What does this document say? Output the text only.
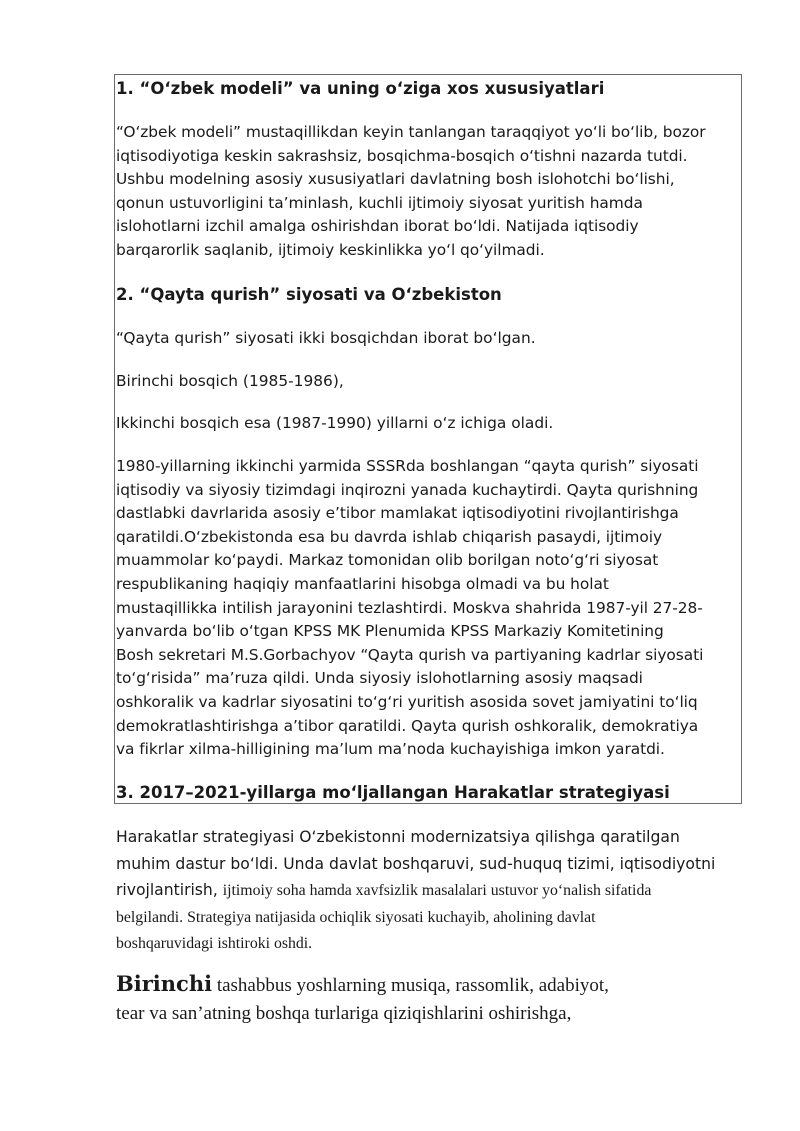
1. “O‘zbek modeli” va uning o‘ziga xos xususiyatlari

“O‘zbek modeli” mustaqillikdan keyin tanlangan taraqqiyot yo‘li bo‘lib, bozor
iqtisodiyotiga keskin sakrashsiz, bosqichma-bosqich o‘tishni nazarda tutdi.
Ushbu modelning asosiy xususiyatlari davlatning bosh islohotchi bo‘lishi,
qonun ustuvorligini ta’minlash, kuchli ijtimoiy siyosat yuritish hamda
islohotlarni izchil amalga oshirishdan iborat bo‘ldi. Natijada iqtisodiy
barqarorlik saqlanib, ijtimoiy keskinlikka yo‘l qo‘yilmadi.

2. “Qayta qurish” siyosati va O‘zbekiston

“Qayta qurish” siyosati ikki bosqichdan iborat bo‘lgan.

Birinchi bosqich (1985-1986),

Ikkinchi bosqich esa (1987-1990) yillarni o‘z ichiga oladi.

1980-yillarning ikkinchi yarmida SSSRda boshlangan “qayta qurish” siyosati
iqtisodiy va siyosiy tizimdagi inqirozni yanada kuchaytirdi. Qayta qurishning
dastlabki davrlarida asosiy e’tibor mamlakat iqtisodiyotini rivojlantirishga
qaratildi.O‘zbekistonda esa bu davrda ishlab chiqarish pasaydi, ijtimoiy
muammolar ko‘paydi. Markaz tomonidan olib borilgan noto‘g‘ri siyosat
respublikaning haqiqiy manfaatlarini hisobga olmadi va bu holat
mustaqillikka intilish jarayonini tezlashtirdi. Moskva shahrida 1987-yil 27-28-
yanvarda bo‘lib o‘tgan KPSS MK Plenumida KPSS Markaziy Komitetining
Bosh sekretari M.S.Gorbachyov “Qayta qurish va partiyaning kadrlar siyosati
to‘g‘risida” ma’ruza qildi. Unda siyosiy islohotlarning asosiy maqsadi
oshkoralik va kadrlar siyosatini to‘g‘ri yuritish asosida sovet jamiyatini to‘liq
demokratlashtirishga a’tibor qaratildi. Qayta qurish oshkoralik, demokratiya
va fikrlar xilma-hilligining ma’lum ma’noda kuchayishiga imkon yaratdi.

3. 2017–2021-yillarga mo‘ljallangan Harakatlar strategiyasi

Harakatlar strategiyasi O‘zbekistonni modernizatsiya qilishga qaratilgan
muhim dastur bo‘ldi. Unda davlat boshqaruvi, sud-huquq tizimi, iqtisodiyotni
rivojlantirish, ijtimoiy soha hamda xavfsizlik masalalari ustuvor yo‘nalish sifatida
belgilandi. Strategiya natijasida ochiqlik siyosati kuchayib, aholining davlat
boshqaruvidagi ishtiroki oshdi.

Birinchi tashabbus yoshlarning musiqa, rassomlik, adabiyot,
tear va san’atning boshqa turlariga qiziqishlarini oshirishga,
